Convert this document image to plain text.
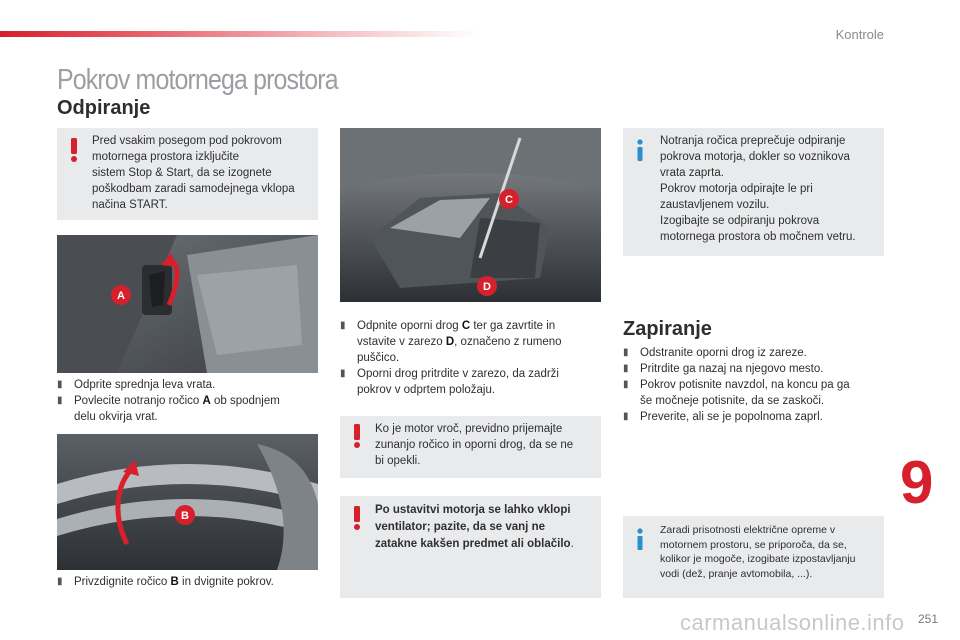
Kontrole
Pokrov motornega prostora
Odpiranje
Pred vsakim posegom pod pokrovom
motornega prostora izključite
sistem Stop & Start, da se izognete
poškodbam zaradi samodejnega vklopa
načina START.
A
▮ Odprite sprednja leva vrata.
▮ Povlecite notranjo ročico A ob spodnjem
delu okvirja vrat.
B
▮ Privzdignite ročico B in dvignite pokrov.
C
D
▮ Odpnite oporni drog C ter ga zavrtite in
vstavite v zarezo D, označeno z rumeno
puščico.
▮ Oporni drog pritrdite v zarezo, da zadrži
pokrov v odprtem položaju.
Ko je motor vroč, previdno prijemajte
zunanjo ročico in oporni drog, da se ne
bi opekli.
Po ustavitvi motorja se lahko vklopi
ventilator; pazite, da se vanj ne
zatakne kakšen predmet ali oblačilo.
Notranja ročica preprečuje odpiranje
pokrova motorja, dokler so voznikova
vrata zaprta.
Pokrov motorja odpirajte le pri
zaustavljenem vozilu.
Izogibajte se odpiranju pokrova
motornega prostora ob močnem vetru.
Zapiranje
▮ Odstranite oporni drog iz zareze.
▮ Pritrdite ga nazaj na njegovo mesto.
▮ Pokrov potisnite navzdol, na koncu pa ga
še močneje potisnite, da se zaskoči.
▮ Preverite, ali se je popolnoma zaprl.
Zaradi prisotnosti električne opreme v
motornem prostoru, se priporoča, da se,
kolikor je mogoče, izogibate izpostavljanju
vodi (dež, pranje avtomobila, ...).
9
carmanualsonline.info 251
